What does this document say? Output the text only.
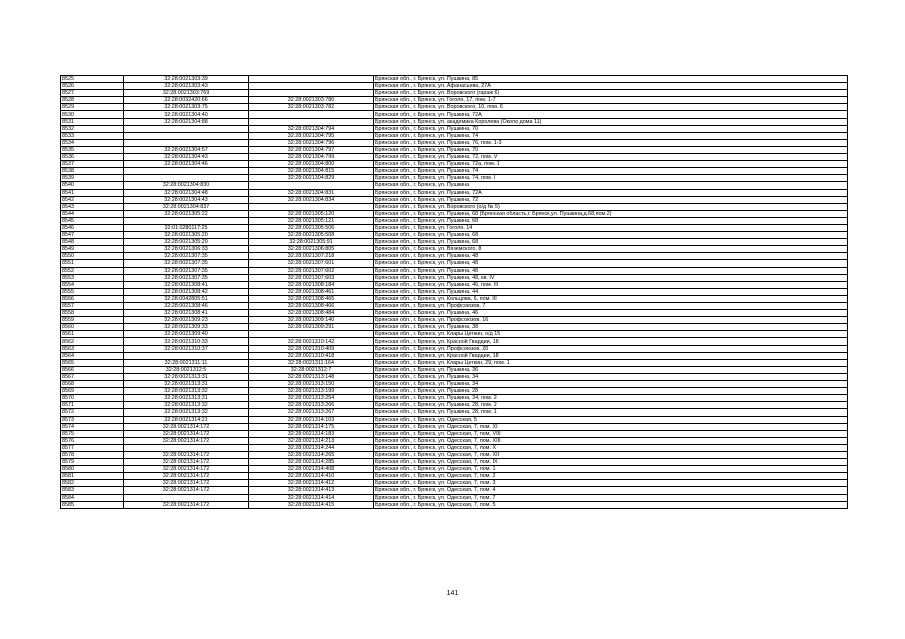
8525	32:28:0021303:39		Брянская обл., г. Брянск, ул. Пушкина, 85
8526	32:28:0021303:43		Брянская обл., г. Брянск, ул. Афанасьева, 27А
8527	32:28:0021303:769		Брянская обл., г. Брянск, ул. Воровского (гараж 6)
8528	32:28:0032420:66	32:28:0021303:780	Брянская обл., г. Брянск, ул. Гоголя, 17, пом. 1-7
8529	32:28:0021303:75	32:28:0021303:782	Брянская обл., г. Брянск, ул. Воровского, 10, пом. 6
8530	32:28:0021304:40		Брянская обл., г. Брянск, ул. Пушкина, 72А
8531	32:28:0021304:88		Брянская обл., г. Брянск, ул. академика Королева (Около дома 11)
8532		32:28:0021304:794	Брянская обл., г. Брянск, ул. Пушкина, 70
8533		32:28:0021304:795	Брянская обл., г. Брянск, ул. Пушкина, 74
8534		32:28:0021304:796	Брянская обл., г. Брянск, ул. Пушкина, 76, пом. 1-3
8535	32:28:0021304:57	32:28:0021304:797	Брянская обл., г. Брянск, ул. Пушкина, 70
8536	32:28:0021304:43	32:28:0021304:799	Брянская обл., г. Брянск, ул. Пушкина, 72, пом. V
8537	32:28:0021304:46	32:28:0021304:800	Брянская обл., г. Брянск, ул. Пушкина, 72а, пом. 1
8538		32:28:0021304:815	Брянская обл., г. Брянск, ул. Пушкина, 74
8539		32:28:0021304:829	Брянская обл., г. Брянск, ул. Пушкина, 74, пом. I
8540	32:28:0021304:830		Брянская обл., г. Брянск, ул. Пушкина
8541	32:28:0021304:48	32:28:0021304:831	Брянская обл., г. Брянск, ул. Пушкина, 72А
8542	32:28:0021304:43	32:28:0021304:834	Брянская обл., г. Брянск, ул. Пушкина, 72
8543	32:28:0021304:837		Брянская обл., г. Брянск, ул. Воровского (о/д № 5)
8544	32:28:0021305:22	32:28:0021305:120	Брянская обл., г. Брянск, ул. Пушкина, 68 (Брянская область,г. Брянск,ул. Пушкина,д.68,пом.2)
8545		32:28:0021305:121	Брянская обл., г. Брянск, ул. Пушкина, 68
8546	32:01:0280117:25	32:28:0021305:506	Брянская обл., г. Брянск, ул. Гоголя, 14
8547	32:28:0021305:20	32:28:0021305:508	Брянская обл., г. Брянск, ул. Пушкина, 68
8548	32:28:0021305:20	32:28:0021305:91	Брянская обл., г. Брянск, ул. Пушкина, 68
8549	32:28:0021306:33	32:28:0021306:805	Брянская обл., г. Брянск, ул. Вяземского, 8
8550	32:28:0021307:35	32:28:0021307:218	Брянская обл., г. Брянск, ул. Пушкина, 48
8551	32:28:0021307:35	32:28:0021307:601	Брянская обл., г. Брянск, ул. Пушкина, 48
8552	32:28:0021307:35	32:28:0021307:602	Брянская обл., г. Брянск, ул. Пушкина, 48
8553	32:28:0021307:35	32:28:0021307:603	Брянская обл., г. Брянск, ул. Пушкина, 48, кв. IV
8554	32:28:0021308:41	32:28:0021308:184	Брянская обл., г. Брянск, ул. Пушкина, 46, пом. III
8555	32:28:0021308:42	32:28:0021308:461	Брянская обл., г. Брянск, ул. Пушкина, 44
8556	32:28:0042805:51	32:28:0021308:465	Брянская обл., г. Брянск, ул. Кольцова, 6, пом. III
8557	32:28:0021308:46	32:28:0021308:466	Брянская обл., г. Брянск, ул. Профсоюзов, 7
8558	32:28:0021308:41	32:28:0021308:484	Брянская обл., г. Брянск, ул. Пушкина, 46
8559	32:28:0021309:23	32:28:0021309:140	Брянская обл., г. Брянск, ул. Профсоюзов, 16
8560	32:28:0021309:33	32:28:0021309:291	Брянская обл., г. Брянск, ул. Пушкина, 38
8561	32:28:0021309:40		Брянская обл., г. Брянск, ул. Клары Цеткин, о/д 15
8562	32:28:0021310:33	32:28:0021310:142	Брянская обл., г. Брянск, ул. Красной Гвардии, 18
8563	32:28:0021310:37	32:28:0021310:409	Брянская обл., г. Брянск, ул. Профсоюзов, 20
8564		32:28:0021310:418	Брянская обл., г. Брянск, ул. Красной Гвардии, 18
8565	32:28:0021311:11	32:28:0021311:164	Брянская обл., г. Брянск, ул. Клары Цеткин, 29, пом. 1
8566	32:28:0021312:5	32:28:0021312:7	Брянская обл., г. Брянск, ул. Пушкина, 36
8567	32:28:0021313:31	32:28:0021313:148	Брянская обл., г. Брянск, ул. Пушкина, 34
8568	32:28:0021313:31	32:28:0021313:150	Брянская обл., г. Брянск, ул. Пушкина, 34
8569	32:28:0021313:32	32:28:0021313:199	Брянская обл., г. Брянск, ул. Пушкина, 28
8570	32:28:0021313:31	32:28:0021313:254	Брянская обл., г. Брянск, ул. Пушкина, 34, пом. 2
8571	32:28:0021313:32	32:28:0021313:266	Брянская обл., г. Брянск, ул. Пушкина, 28, пом. 2
8572	32:28:0021313:32	32:28:0021313:267	Брянская обл., г. Брянск, ул. Пушкина, 28, пом. 1
8573	32:28:0021314:21	32:28:0021314:103	Брянская обл., г. Брянск, ул. Одесская, 5
8574	32:28:0021314:172	32:28:0021314:175	Брянская обл., г. Брянск, ул. Одесская, 7, пом. XI
8575	32:28:0021314:172	32:28:0021314:183	Брянская обл., г. Брянск, ул. Одесская, 7, пом. VIII
8576	32:28:0021314:172	32:28:0021314:213	Брянская обл., г. Брянск, ул. Одесская, 7, пом. XIII
8577		32:28:0021314:244	Брянская обл., г. Брянск, ул. Одесская, 7, пом. Х
8578	32:28:0021314:172	32:28:0021314:265	Брянская обл., г. Брянск, ул. Одесская, 7, пом. XII
8579	32:28:0021314:172	32:28:0021314:285	Брянская обл., г. Брянск, ул. Одесская, 7, пом. IX
8580	32:28:0021314:172	32:28:0021314:408	Брянская обл., г. Брянск, ул. Одесская, 7, пом. 1
8581	32:28:0021314:172	32:28:0021314:410	Брянская обл., г. Брянск, ул. Одесская, 7, пом. 2
8582	32:28:0021314:172	32:28:0021314:412	Брянская обл., г. Брянск, ул. Одесская, 7, пом. 3
8583	32:28:0021314:172	32:28:0021314:413	Брянская обл., г. Брянск, ул. Одесская, 7, пом. 4
8584		32:28:0021314:414	Брянская обл., г. Брянск, ул. Одесская, 7, пом. 7
8585	32:28:0021314:172	32:28:0021314:415	Брянская обл., г. Брянск, ул. Одесская, 7, пом. 5
141
